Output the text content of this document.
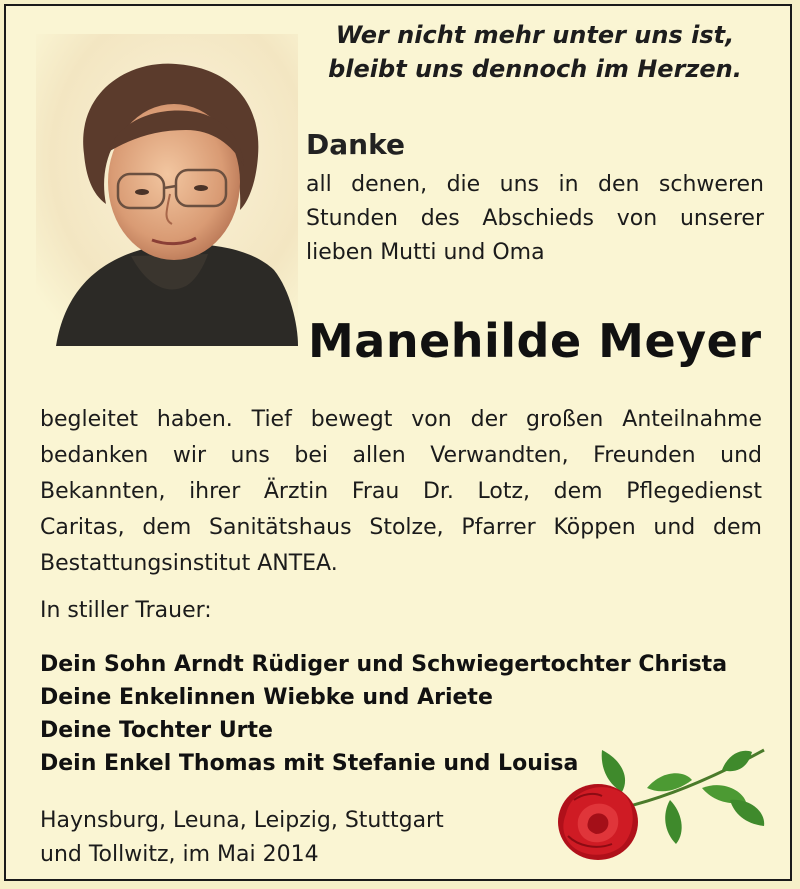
Wer nicht mehr unter uns ist,
bleibt uns dennoch im Herzen.
Danke
all denen, die uns in den schweren
Stunden des Abschieds von unserer
lieben Mutti und Oma
Manehilde Meyer
begleitet haben. Tief bewegt von der großen Anteilnahme
bedanken wir uns bei allen Verwandten, Freunden und
Bekannten, ihrer Ärztin Frau Dr. Lotz, dem Pflegedienst
Caritas, dem Sanitätshaus Stolze, Pfarrer Köppen und dem
Bestattungsinstitut ANTEA.
In stiller Trauer:
Dein Sohn Arndt Rüdiger und Schwiegertochter Christa
Deine Enkelinnen Wiebke und Ariete
Deine Tochter Urte
Dein Enkel Thomas mit Stefanie und Louisa
Haynsburg, Leuna, Leipzig, Stuttgart
und Tollwitz, im Mai 2014
